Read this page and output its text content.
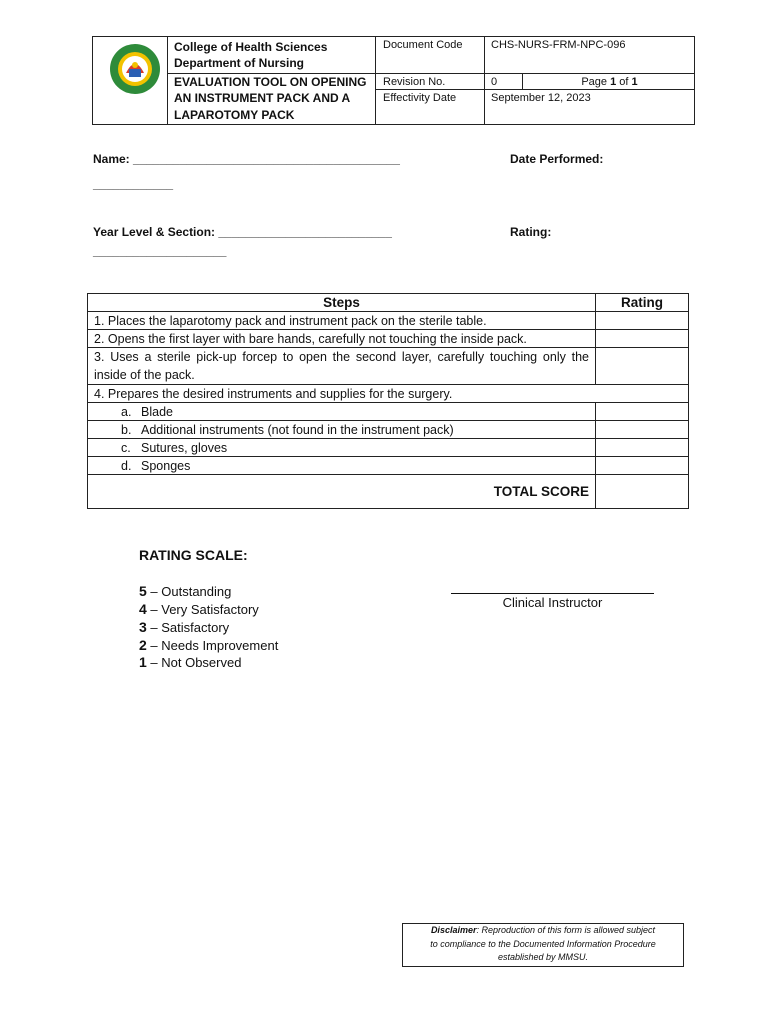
College of Health Sciences
Department of Nursing
EVALUATION TOOL ON OPENING
AN INSTRUMENT PACK AND A
LAPAROTOMY PACK
Document Code	CHS-NURS-FRM-NPC-096
Revision No.	0	Page 1 of 1
Effectivity Date	September 12, 2023
Name: ________________________________________	Date Performed:
____________
Year Level & Section: __________________________	Rating:
____________________
Steps	Rating
1. Places the laparotomy pack and instrument pack on the sterile table.	
2. Opens the first layer with bare hands, carefully not touching the inside pack.	
3. Uses a sterile pick-up forcep to open the second layer, carefully touching only the inside of the pack.	
4. Prepares the desired instruments and supplies for the surgery.	
a. Blade	
b. Additional instruments (not found in the instrument pack)	
c. Sutures, gloves	
d. Sponges	
TOTAL SCORE	
RATING SCALE:
5 – Outstanding
4 – Very Satisfactory
3 – Satisfactory
2 – Needs Improvement
1 – Not Observed
Clinical Instructor
Disclaimer: Reproduction of this form is allowed subject
to compliance to the Documented Information Procedure
established by MMSU.
